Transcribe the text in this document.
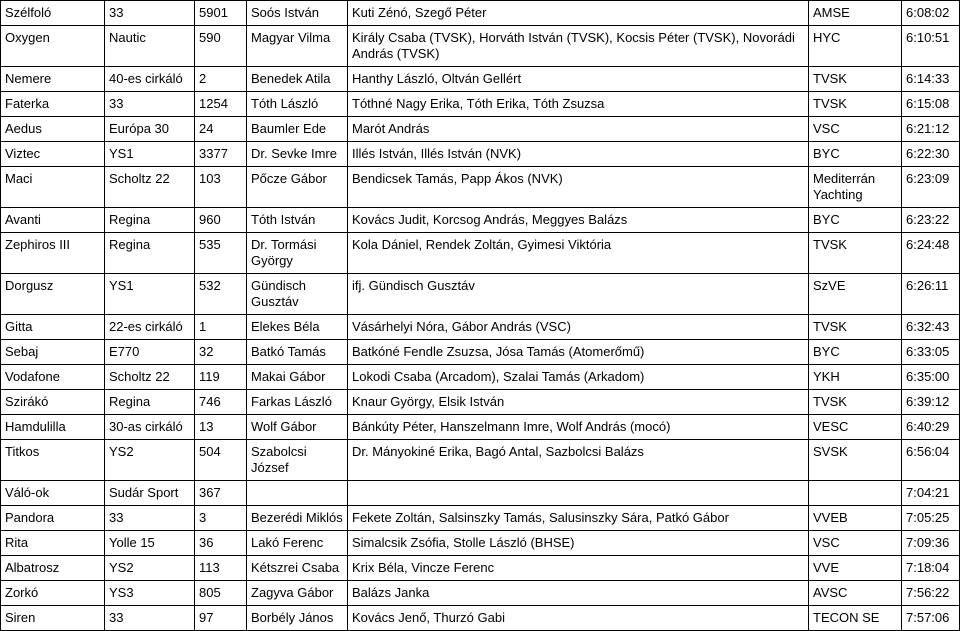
Szélfoló	33	5901	Soós István	Kuti Zénó, Szegő Péter	AMSE	6:08:02
Oxygen	Nautic	590	Magyar Vilma	Király Csaba (TVSK), Horváth István (TVSK), Kocsis Péter (TVSK), Novorádi András (TVSK)	HYC	6:10:51
Nemere	40-es cirkáló	2	Benedek Atila	Hanthy László, Oltván Gellért	TVSK	6:14:33
Faterka	33	1254	Tóth László	Tóthné Nagy Erika, Tóth Erika, Tóth Zsuzsa	TVSK	6:15:08
Aedus	Európa 30	24	Baumler Ede	Marót András	VSC	6:21:12
Viztec	YS1	3377	Dr. Sevke Imre	Illés István, Illés István (NVK)	BYC	6:22:30
Maci	Scholtz 22	103	Pőcze Gábor	Bendicsek Tamás, Papp Ákos (NVK)	Mediterrán Yachting	6:23:09
Avanti	Regina	960	Tóth István	Kovács Judit, Korcsog András, Meggyes Balázs	BYC	6:23:22
Zephiros III	Regina	535	Dr. Tormási György	Kola Dániel, Rendek Zoltán, Gyimesi Viktória	TVSK	6:24:48
Dorgusz	YS1	532	Gündisch Gusztáv	ifj. Gündisch Gusztáv	SzVE	6:26:11
Gitta	22-es cirkáló	1	Elekes Béla	Vásárhelyi Nóra, Gábor András (VSC)	TVSK	6:32:43
Sebaj	E770	32	Batkó Tamás	Batkóné Fendle Zsuzsa, Jósa Tamás (Atomerőmű)	BYC	6:33:05
Vodafone	Scholtz 22	119	Makai Gábor	Lokodi Csaba (Arcadom), Szalai Tamás (Arkadom)	YKH	6:35:00
Szirákó	Regina	746	Farkas László	Knaur György, Elsik István	TVSK	6:39:12
Hamdulilla	30-as cirkáló	13	Wolf Gábor	Bánkúty Péter, Hanszelmann Imre, Wolf András (mocó)	VESC	6:40:29
Titkos	YS2	504	Szabolcsi József	Dr. Mányokiné Erika, Bagó Antal, Sazbolcsi Balázs	SVSK	6:56:04
Váló-ok	Sudár Sport	367				7:04:21
Pandora	33	3	Bezerédi Miklós	Fekete Zoltán, Salsinszky Tamás, Salusinszky Sára, Patkó Gábor	VVEB	7:05:25
Rita	Yolle 15	36	Lakó Ferenc	Simalcsik Zsófia, Stolle László (BHSE)	VSC	7:09:36
Albatrosz	YS2	113	Kétszrei Csaba	Krix Béla, Vincze Ferenc	VVE	7:18:04
Zorkó	YS3	805	Zagyva Gábor	Balázs Janka	AVSC	7:56:22
Siren	33	97	Borbély János	Kovács Jenő, Thurzó Gabi	TECON SE	7:57:06
